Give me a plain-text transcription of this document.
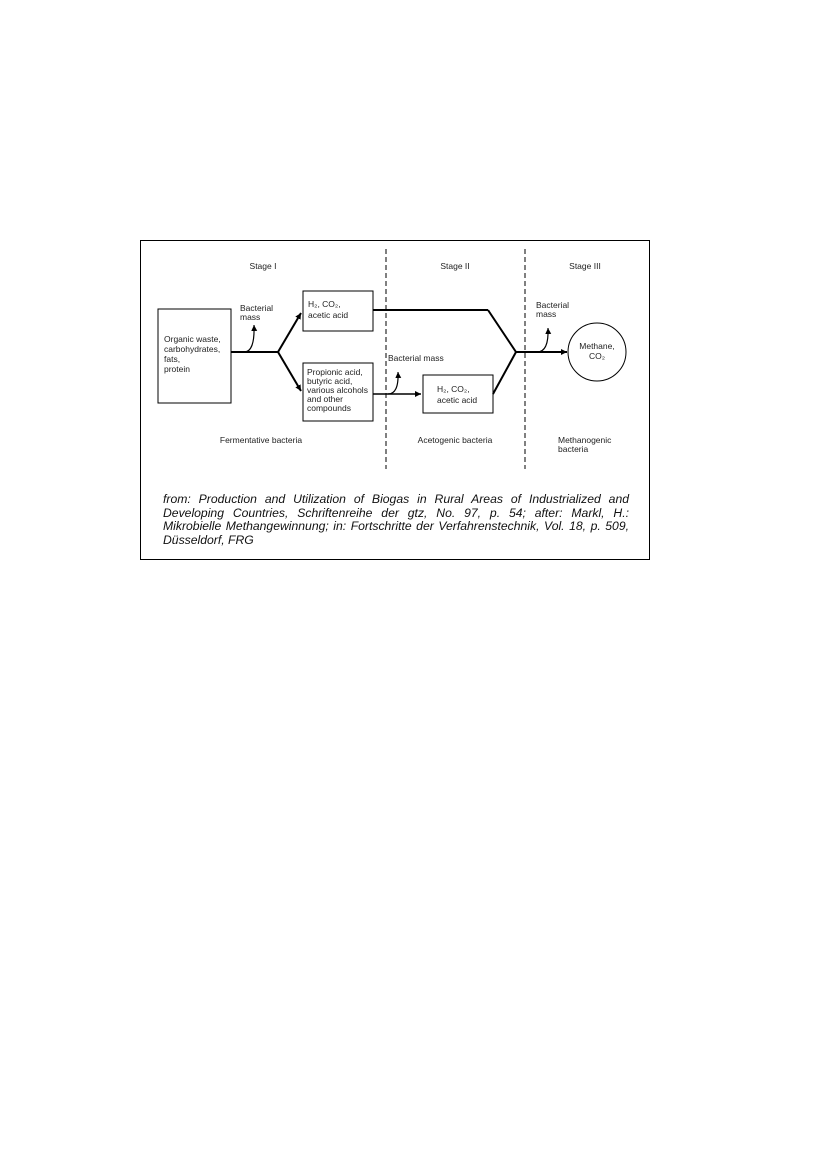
Stage I	Stage II	Stage III
Organic waste,
carbohydrates,
fats,
protein
Bacterial
mass
H₂, CO₂,
acetic acid
Propionic acid,
butyric acid,
various alcohols
and other
compounds
Bacterial mass
H₂, CO₂,
acetic acid
Bacterial
mass
Methane,
CO₂
Fermentative bacteria	Acetogenic bacteria	Methanogenic
bacteria
from: Production and Utilization of Biogas in Rural Areas of Industrialized and Developing Countries, Schriftenreihe der gtz, No. 97, p. 54; after: Markl, H.: Mikrobielle Methangewinnung; in: Fortschritte der Verfahrenstechnik, Vol. 18, p. 509, Düsseldorf, FRG
